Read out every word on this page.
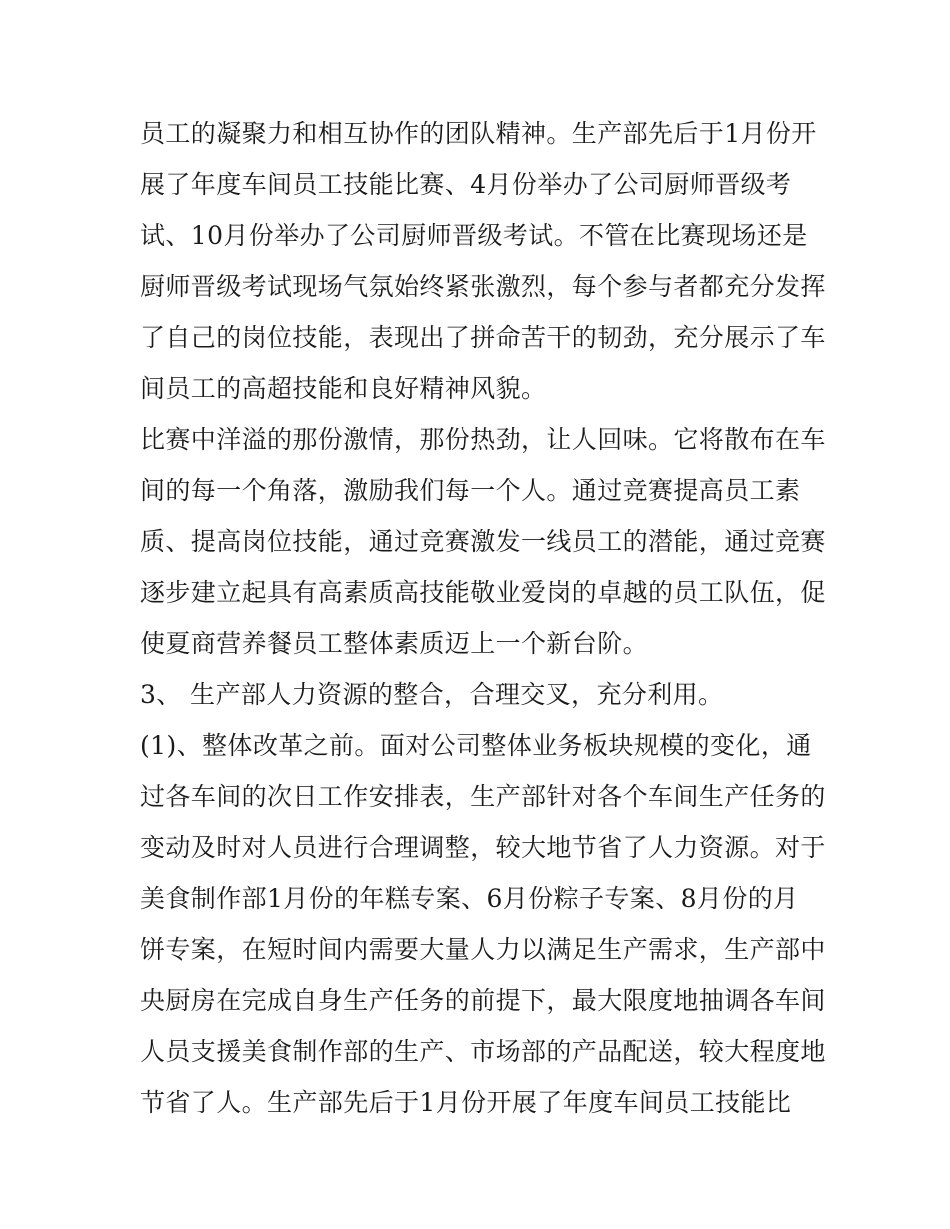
员工的凝聚力和相互协作的团队精神。生产部先后于1月份开
展了年度车间员工技能比赛、4月份举办了公司厨师晋级考
试、10月份举办了公司厨师晋级考试。不管在比赛现场还是
厨师晋级考试现场气氛始终紧张激烈，每个参与者都充分发挥
了自己的岗位技能，表现出了拼命苦干的韧劲，充分展示了车
间员工的高超技能和良好精神风貌。
比赛中洋溢的那份激情，那份热劲，让人回味。它将散布在车
间的每一个角落，激励我们每一个人。通过竞赛提高员工素
质、提高岗位技能，通过竞赛激发一线员工的潜能，通过竞赛
逐步建立起具有高素质高技能敬业爱岗的卓越的员工队伍，促
使夏商营养餐员工整体素质迈上一个新台阶。
3、 生产部人力资源的整合，合理交叉，充分利用。
(1)、整体改革之前。面对公司整体业务板块规模的变化，通
过各车间的次日工作安排表，生产部针对各个车间生产任务的
变动及时对人员进行合理调整，较大地节省了人力资源。对于
美食制作部1月份的年糕专案、6月份粽子专案、8月份的月
饼专案，在短时间内需要大量人力以满足生产需求，生产部中
央厨房在完成自身生产任务的前提下，最大限度地抽调各车间
人员支援美食制作部的生产、市场部的产品配送，较大程度地
节省了人。生产部先后于1月份开展了年度车间员工技能比
